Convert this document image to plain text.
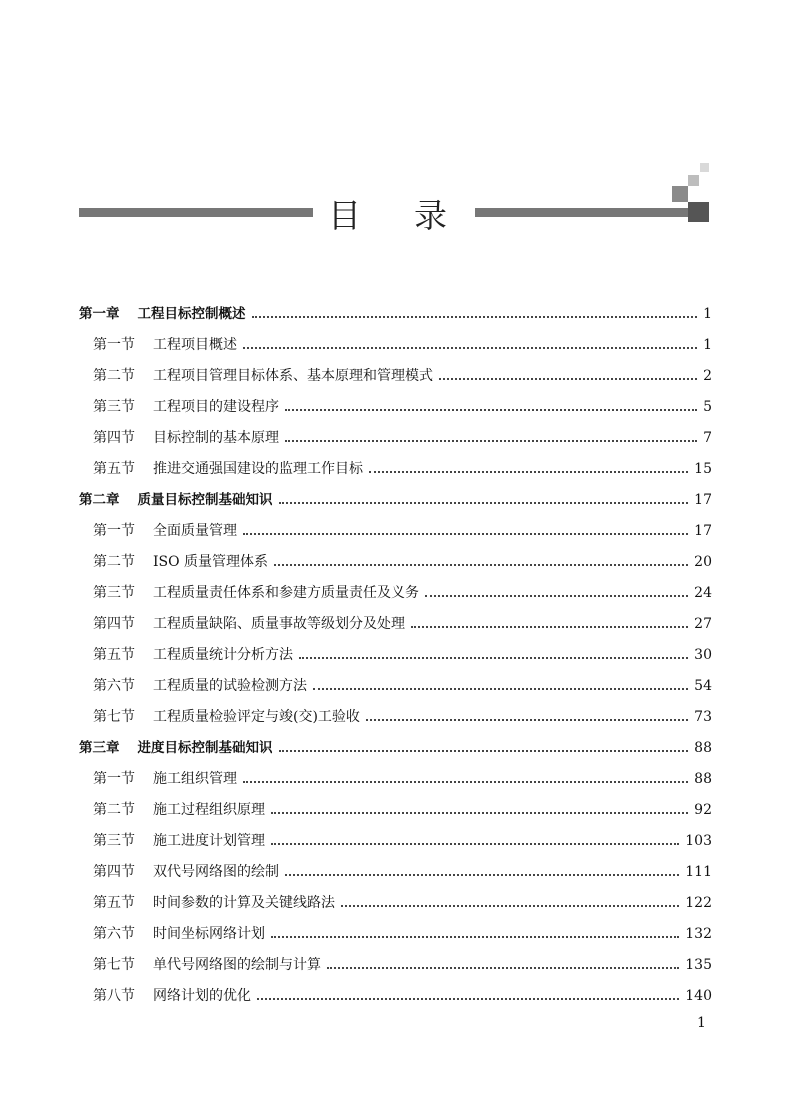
目 录
第一章 工程目标控制概述	1
第一节 工程项目概述	1
第二节 工程项目管理目标体系、基本原理和管理模式	2
第三节 工程项目的建设程序	5
第四节 目标控制的基本原理	7
第五节 推进交通强国建设的监理工作目标	15
第二章 质量目标控制基础知识	17
第一节 全面质量管理	17
第二节 ISO 质量管理体系	20
第三节 工程质量责任体系和参建方质量责任及义务	24
第四节 工程质量缺陷、质量事故等级划分及处理	27
第五节 工程质量统计分析方法	30
第六节 工程质量的试验检测方法	54
第七节 工程质量检验评定与竣(交)工验收	73
第三章 进度目标控制基础知识	88
第一节 施工组织管理	88
第二节 施工过程组织原理	92
第三节 施工进度计划管理	103
第四节 双代号网络图的绘制	111
第五节 时间参数的计算及关键线路法	122
第六节 时间坐标网络计划	132
第七节 单代号网络图的绘制与计算	135
第八节 网络计划的优化	140
1
